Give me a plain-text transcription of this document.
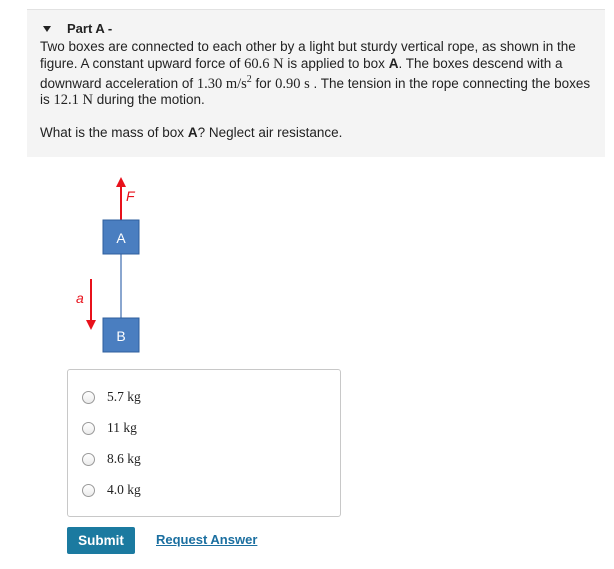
Part A -
Two boxes are connected to each other by a light but sturdy vertical rope, as shown in the figure. A constant upward force of 60.6 N is applied to box A. The boxes descend with a downward acceleration of 1.30 $m/s^2$ for 0.90 s . The tension in the rope connecting the boxes is 12.1 N during the motion.
What is the mass of box A? Neglect air resistance.
F
A
B
a
5.7 kg
11 kg
8.6 kg
4.0 kg
Submit	Request Answer
